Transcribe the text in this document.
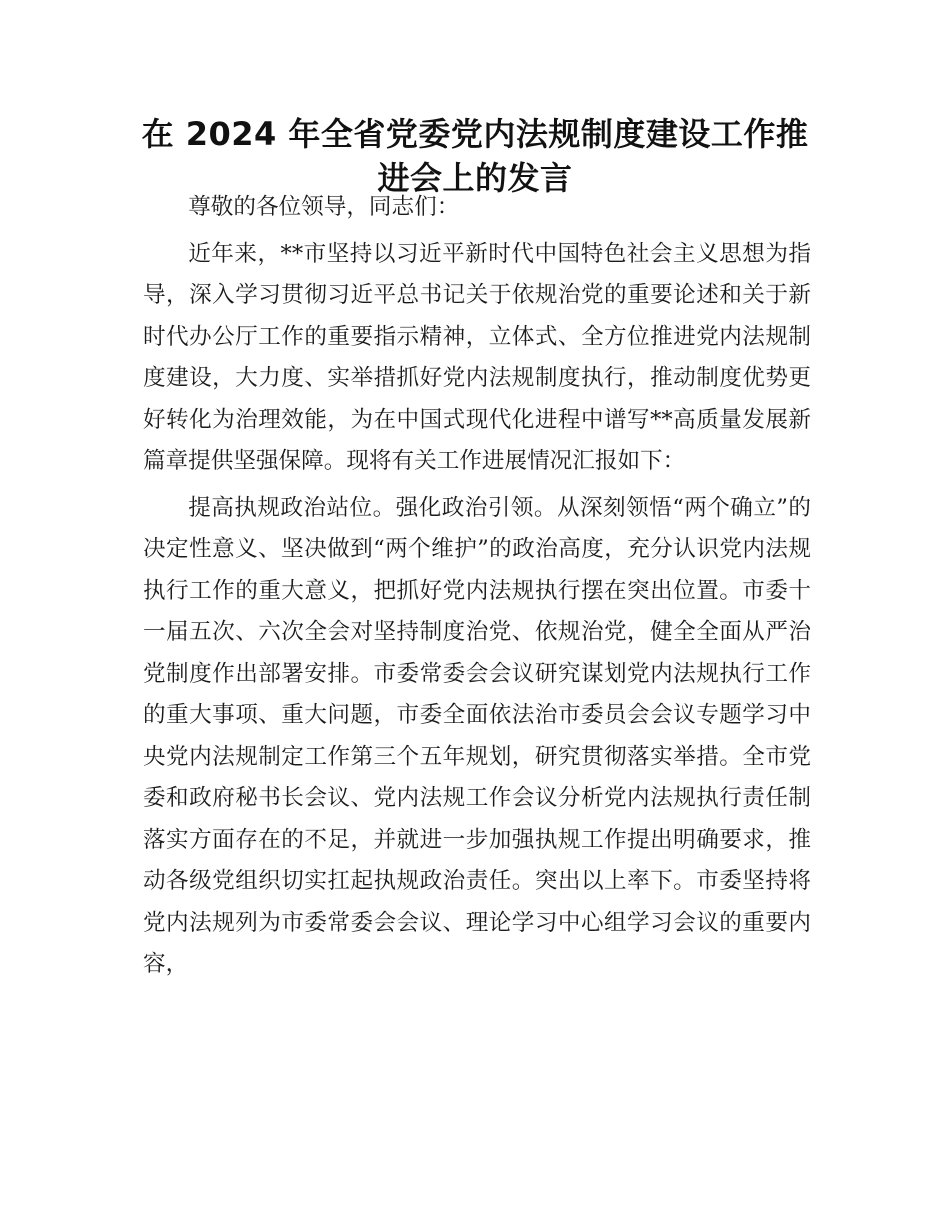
在 2024 年全省党委党内法规制度建设工作推进会上的发言

尊敬的各位领导，同志们：

近年来，**市坚持以习近平新时代中国特色社会主义思想为指导，深入学习贯彻习近平总书记关于依规治党的重要论述和关于新时代办公厅工作的重要指示精神，立体式、全方位推进党内法规制度建设，大力度、实举措抓好党内法规制度执行，推动制度优势更好转化为治理效能，为在中国式现代化进程中谱写**高质量发展新篇章提供坚强保障。现将有关工作进展情况汇报如下：

提高执规政治站位。强化政治引领。从深刻领悟“两个确立”的决定性意义、坚决做到“两个维护”的政治高度，充分认识党内法规执行工作的重大意义，把抓好党内法规执行摆在突出位置。市委十一届五次、六次全会对坚持制度治党、依规治党，健全全面从严治党制度作出部署安排。市委常委会会议研究谋划党内法规执行工作的重大事项、重大问题，市委全面依法治市委员会会议专题学习中央党内法规制定工作第三个五年规划，研究贯彻落实举措。全市党委和政府秘书长会议、党内法规工作会议分析党内法规执行责任制落实方面存在的不足，并就进一步加强执规工作提出明确要求，推动各级党组织切实扛起执规政治责任。突出以上率下。市委坚持将党内法规列为市委常委会会议、理论学习中心组学习会议的重要内容，
